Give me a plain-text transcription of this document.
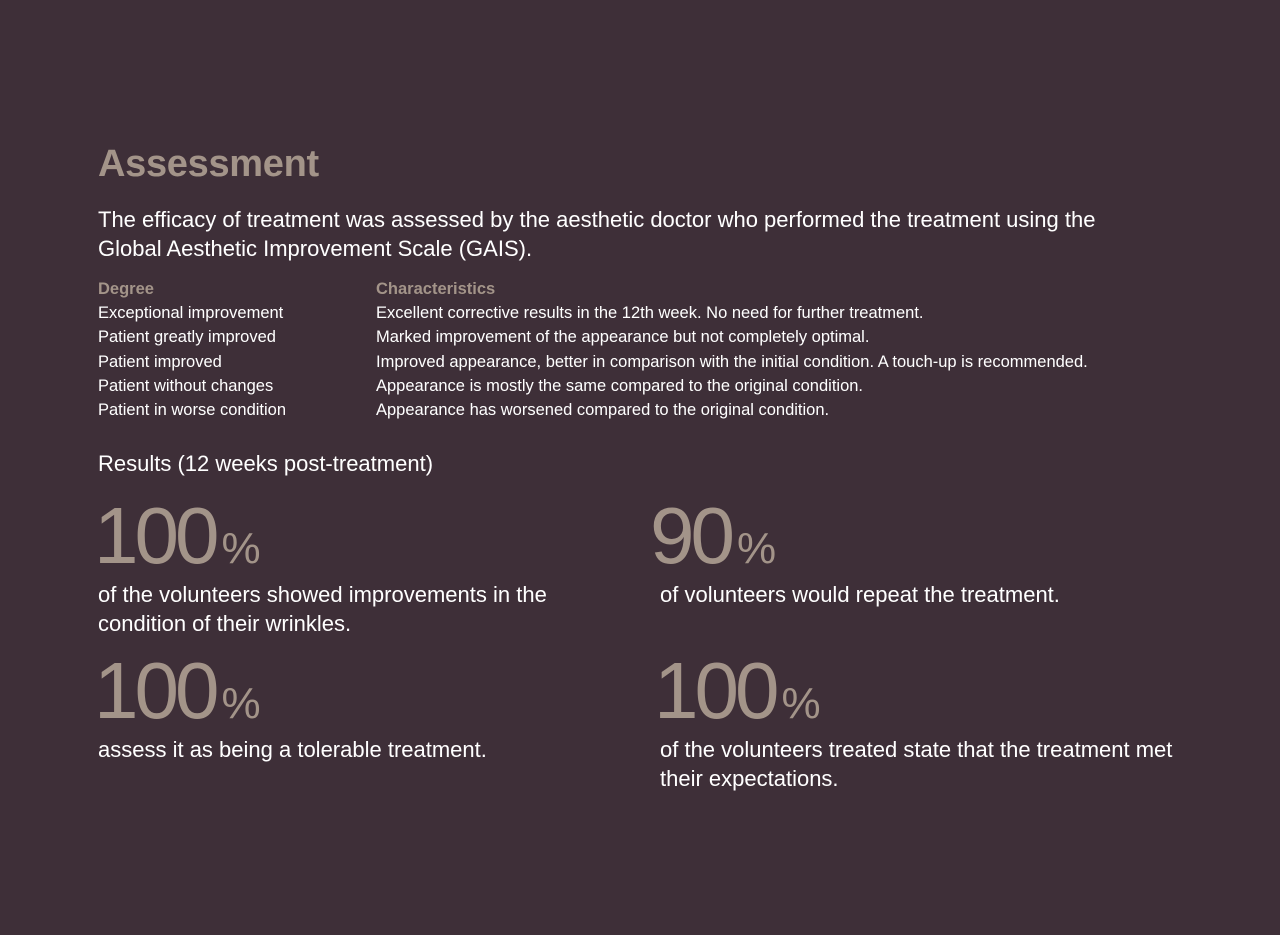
Assessment

The efficacy of treatment was assessed by the aesthetic doctor who performed the treatment using the Global Aesthetic Improvement Scale (GAIS).

Degree	Characteristics
Exceptional improvement	Excellent corrective results in the 12th week. No need for further treatment.
Patient greatly improved	Marked improvement of the appearance but not completely optimal.
Patient improved	Improved appearance, better in comparison with the initial condition. A touch-up is recommended.
Patient without changes	Appearance is mostly the same compared to the original condition.
Patient in worse condition	Appearance has worsened compared to the original condition.
Results (12 weeks post-treatment)
100 %

of the volunteers showed improvements in the condition of their wrinkles.

90 %

of volunteers would repeat the treatment.

100 %

assess it as being a tolerable treatment.

100 %

of the volunteers treated state that the treatment met their expectations.
